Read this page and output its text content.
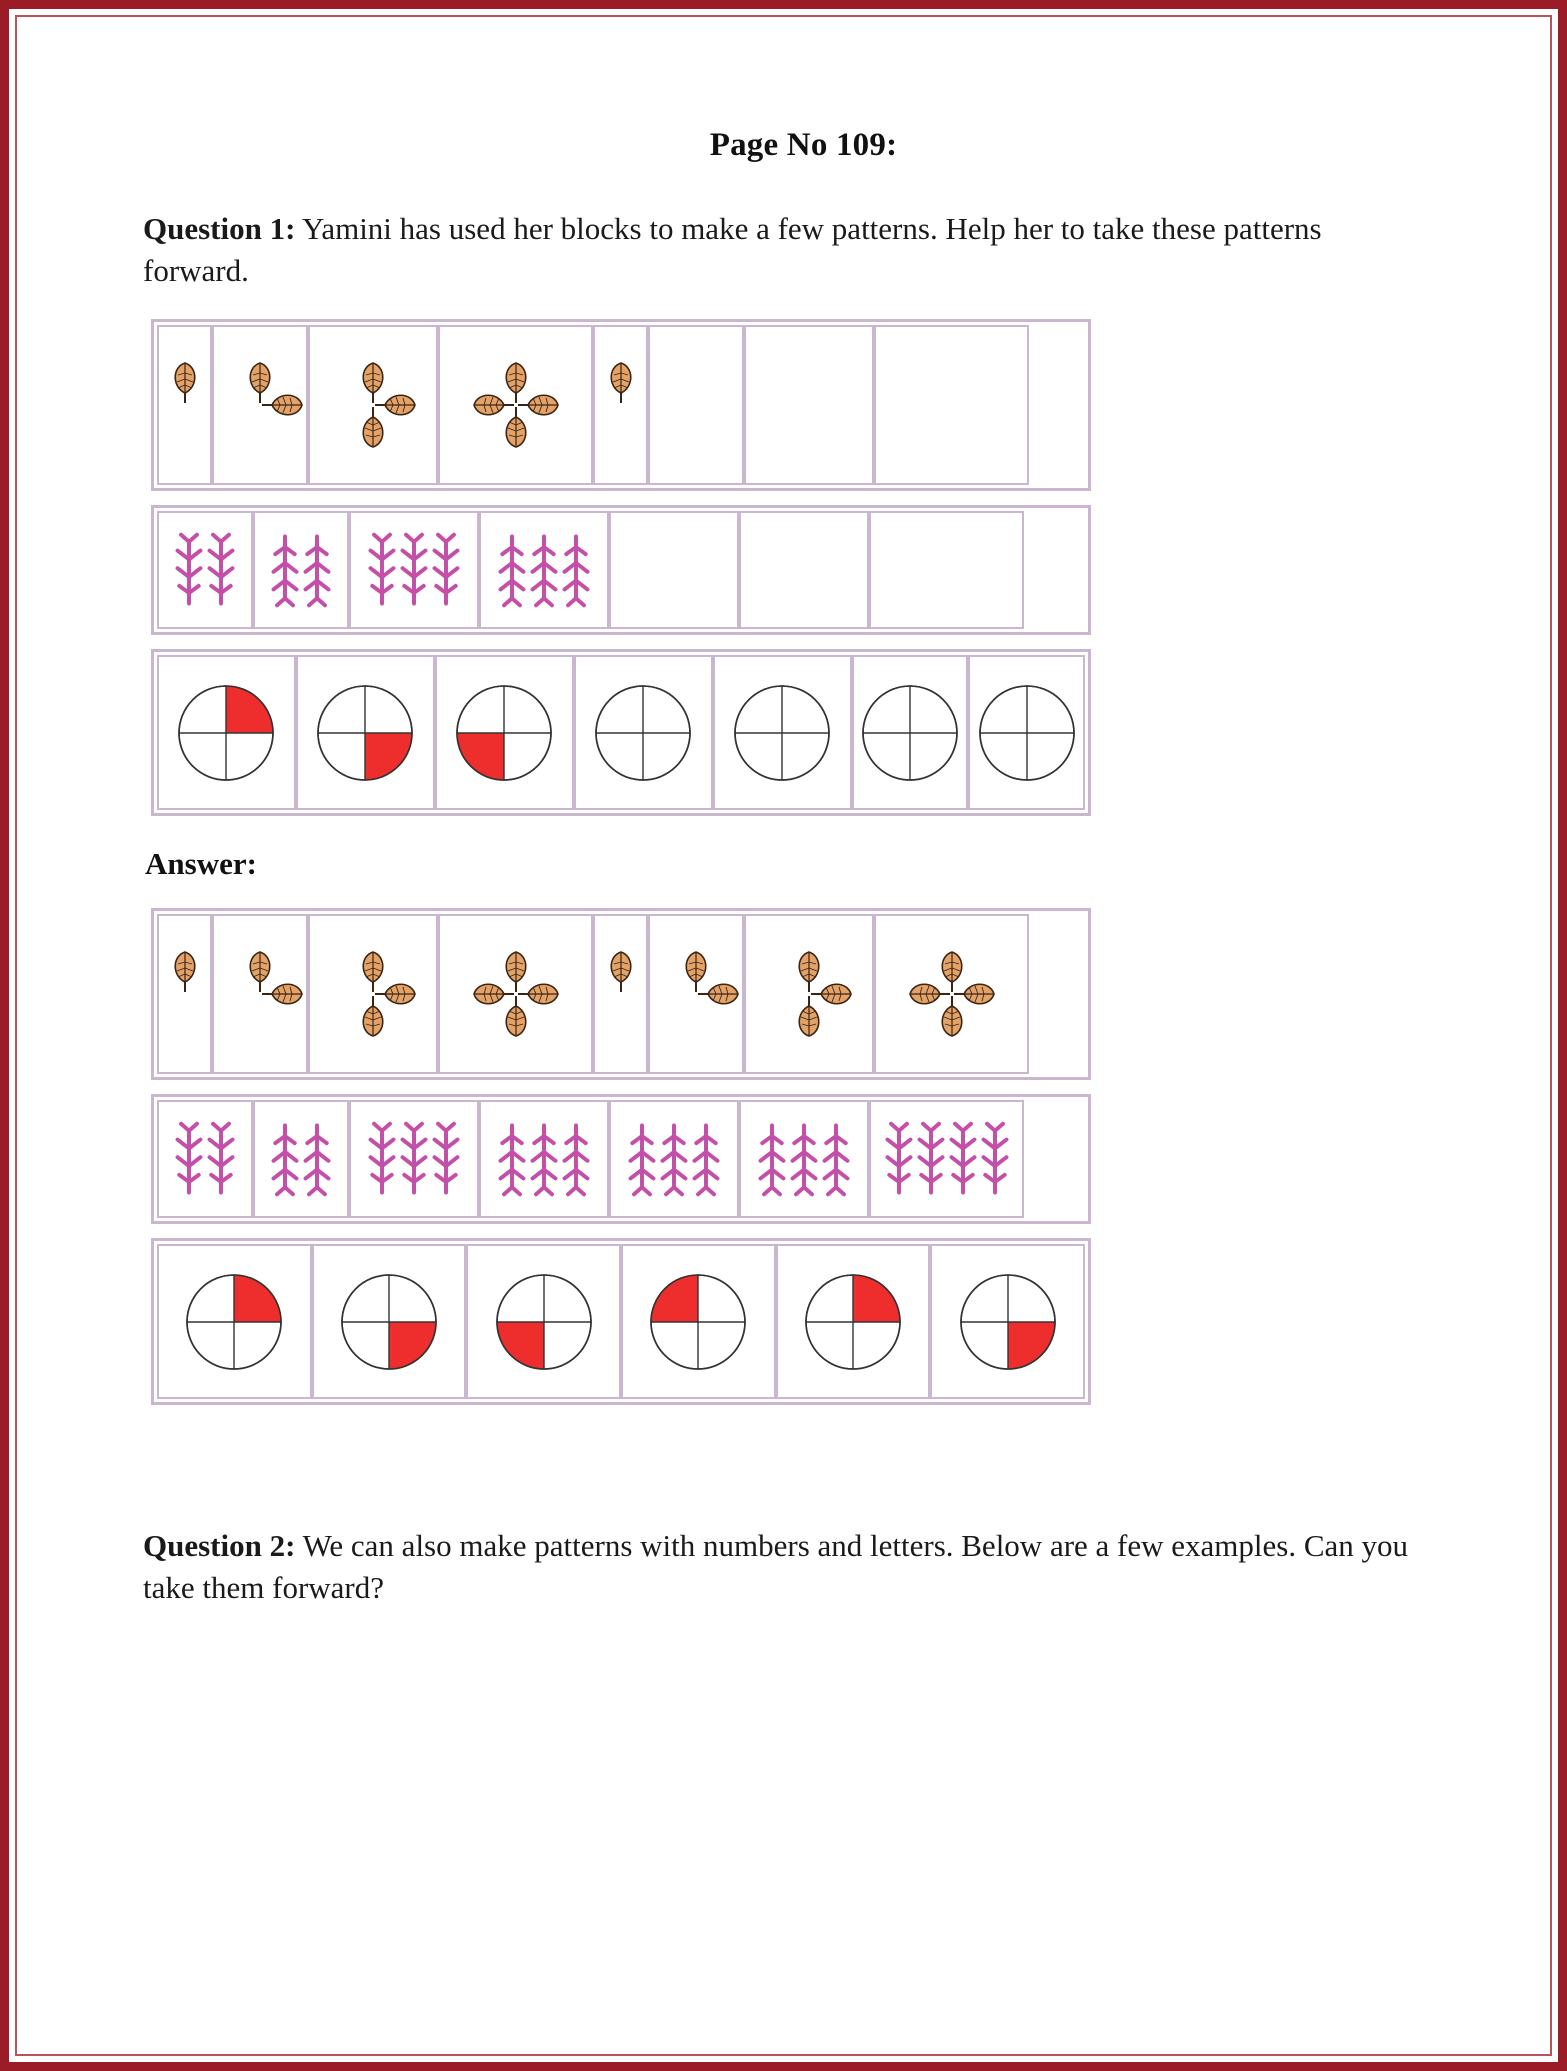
Page No 109:

Question 1: Yamini has used her blocks to make a few patterns. Help her to take these patterns forward.

Answer:

Question 2: We can also make patterns with numbers and letters. Below are a few examples. Can you take them forward?
